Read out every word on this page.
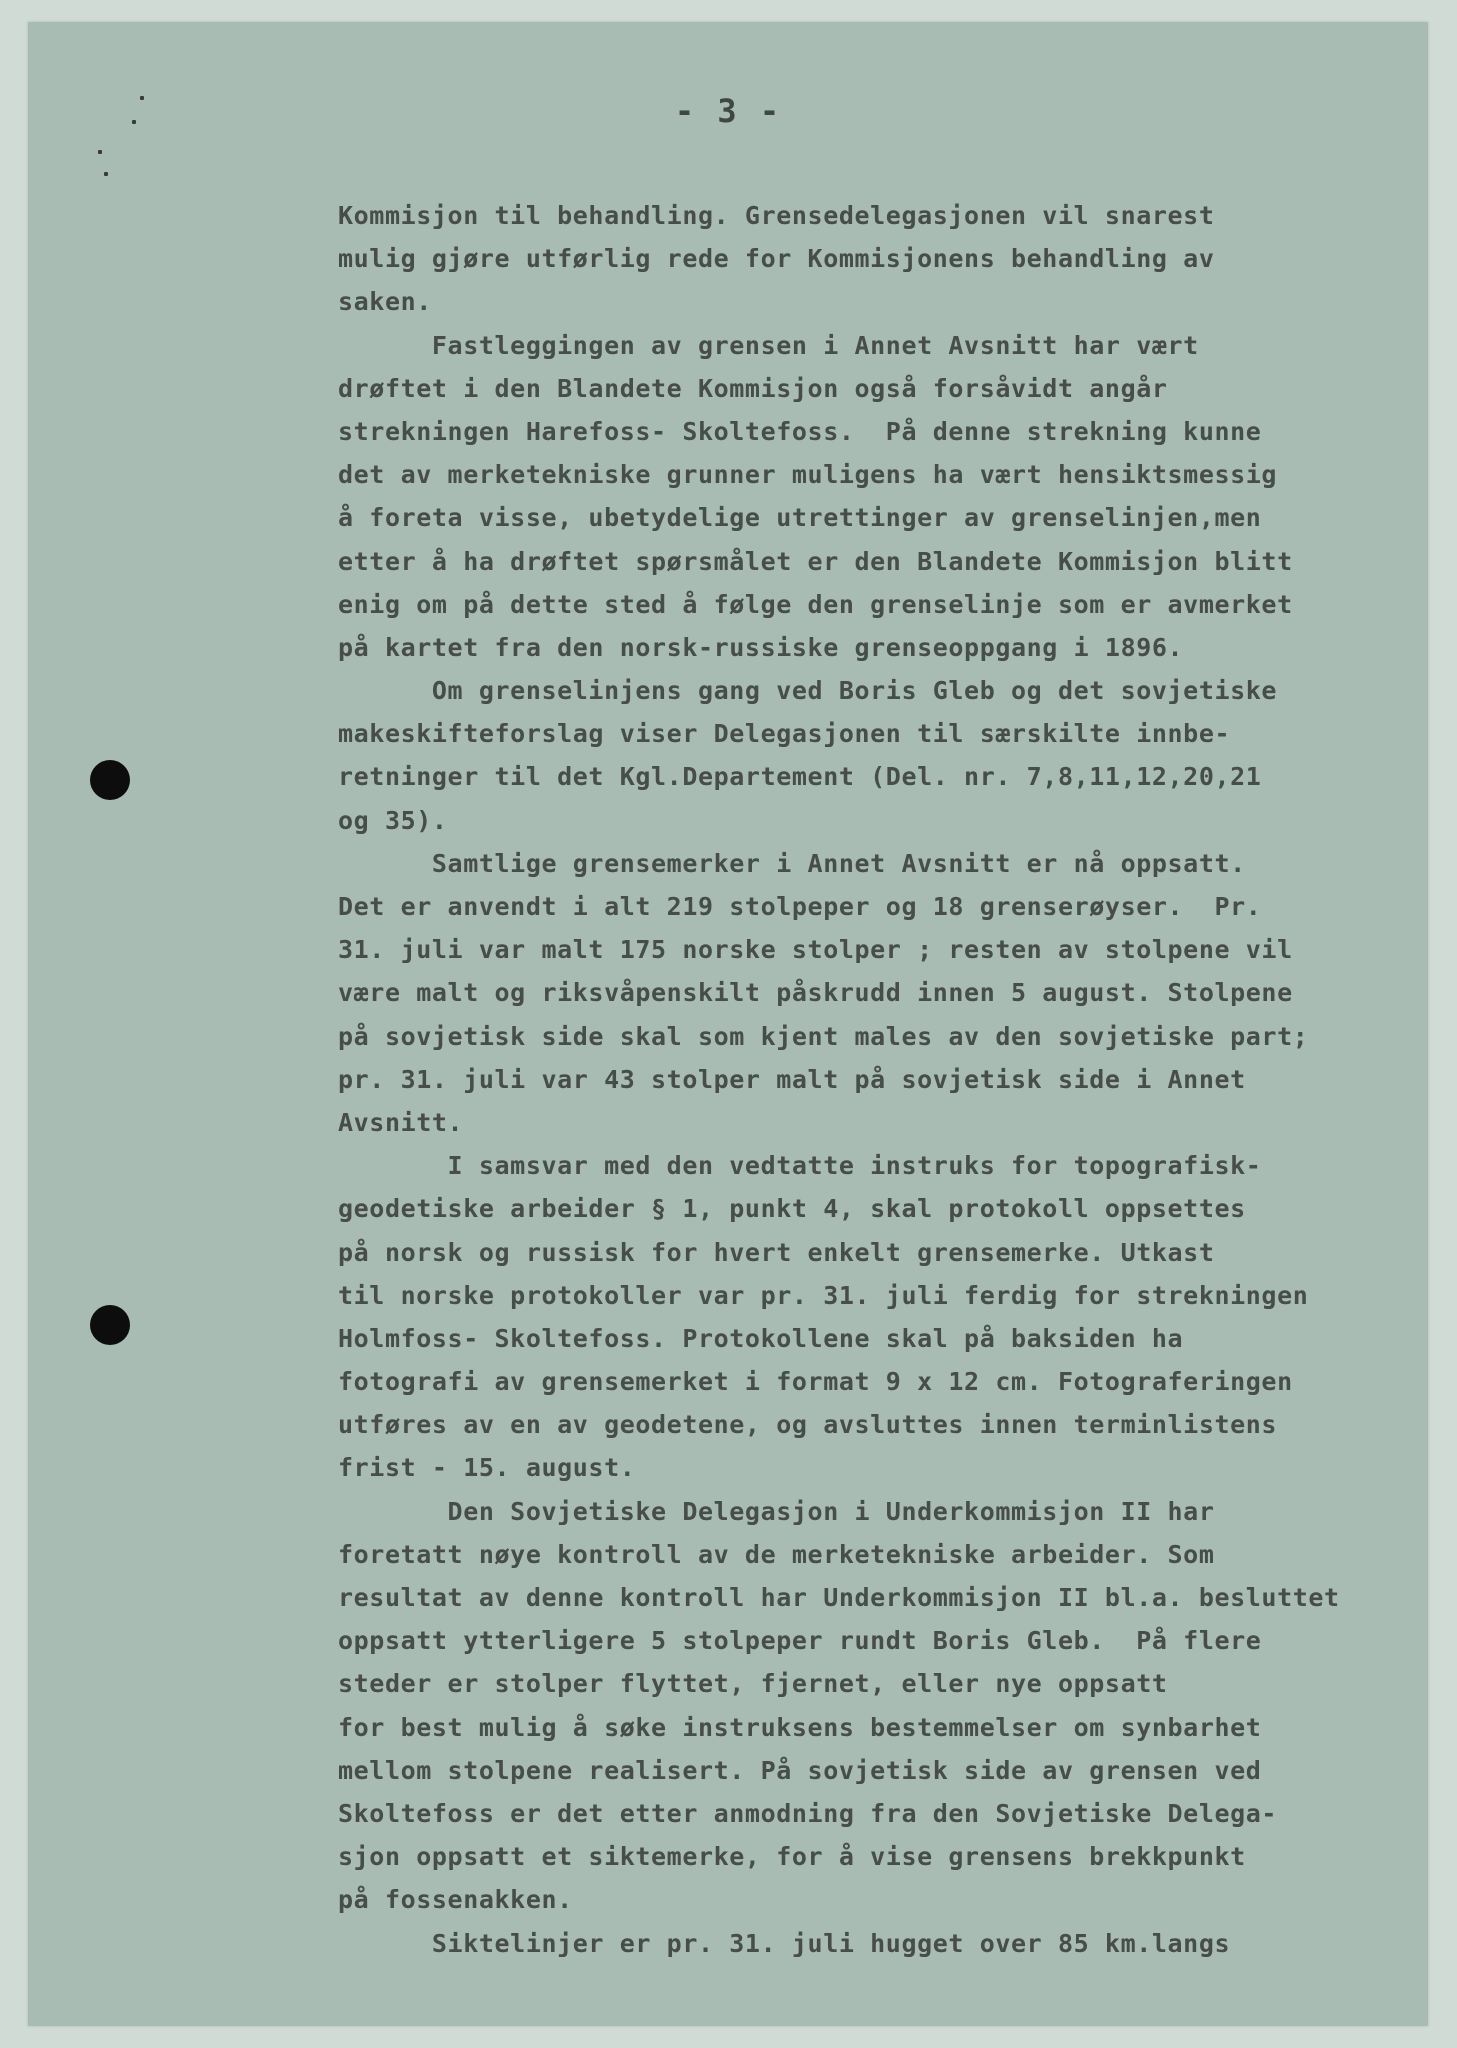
- 3 -
Kommisjon til behandling. Grensedelegasjonen vil snarest
mulig gjøre utførlig rede for Kommisjonens behandling av
saken.
Fastleggingen av grensen i Annet Avsnitt har vært
drøftet i den Blandete Kommisjon også forsåvidt angår
strekningen Harefoss- Skoltefoss.  På denne strekning kunne
det av merketekniske grunner muligens ha vært hensiktsmessig
å foreta visse, ubetydelige utrettinger av grenselinjen,men
etter å ha drøftet spørsmålet er den Blandete Kommisjon blitt
enig om på dette sted å følge den grenselinje som er avmerket
på kartet fra den norsk-russiske grenseoppgang i 1896.
Om grenselinjens gang ved Boris Gleb og det sovjetiske
makeskifteforslag viser Delegasjonen til særskilte innbe-
retninger til det Kgl.Departement (Del. nr. 7,8,11,12,20,21
og 35).
Samtlige grensemerker i Annet Avsnitt er nå oppsatt.
Det er anvendt i alt 219 stolpeper og 18 grenserøyser.  Pr.
31. juli var malt 175 norske stolper ; resten av stolpene vil
være malt og riksvåpenskilt påskrudd innen 5 august. Stolpene
på sovjetisk side skal som kjent males av den sovjetiske part;
pr. 31. juli var 43 stolper malt på sovjetisk side i Annet
Avsnitt.
I samsvar med den vedtatte instruks for topografisk-
geodetiske arbeider § 1, punkt 4, skal protokoll oppsettes
på norsk og russisk for hvert enkelt grensemerke. Utkast
til norske protokoller var pr. 31. juli ferdig for strekningen
Holmfoss- Skoltefoss. Protokollene skal på baksiden ha
fotografi av grensemerket i format 9 x 12 cm. Fotograferingen
utføres av en av geodetene, og avsluttes innen terminlistens
frist - 15. august.
Den Sovjetiske Delegasjon i Underkommisjon II har
foretatt nøye kontroll av de merketekniske arbeider. Som
resultat av denne kontroll har Underkommisjon II bl.a. besluttet
oppsatt ytterligere 5 stolpeper rundt Boris Gleb.  På flere
steder er stolper flyttet, fjernet, eller nye oppsatt
for best mulig å søke instruksens bestemmelser om synbarhet
mellom stolpene realisert. På sovjetisk side av grensen ved
Skoltefoss er det etter anmodning fra den Sovjetiske Delega-
sjon oppsatt et siktemerke, for å vise grensens brekkpunkt
på fossenakken.
Siktelinjer er pr. 31. juli hugget over 85 km.langs
